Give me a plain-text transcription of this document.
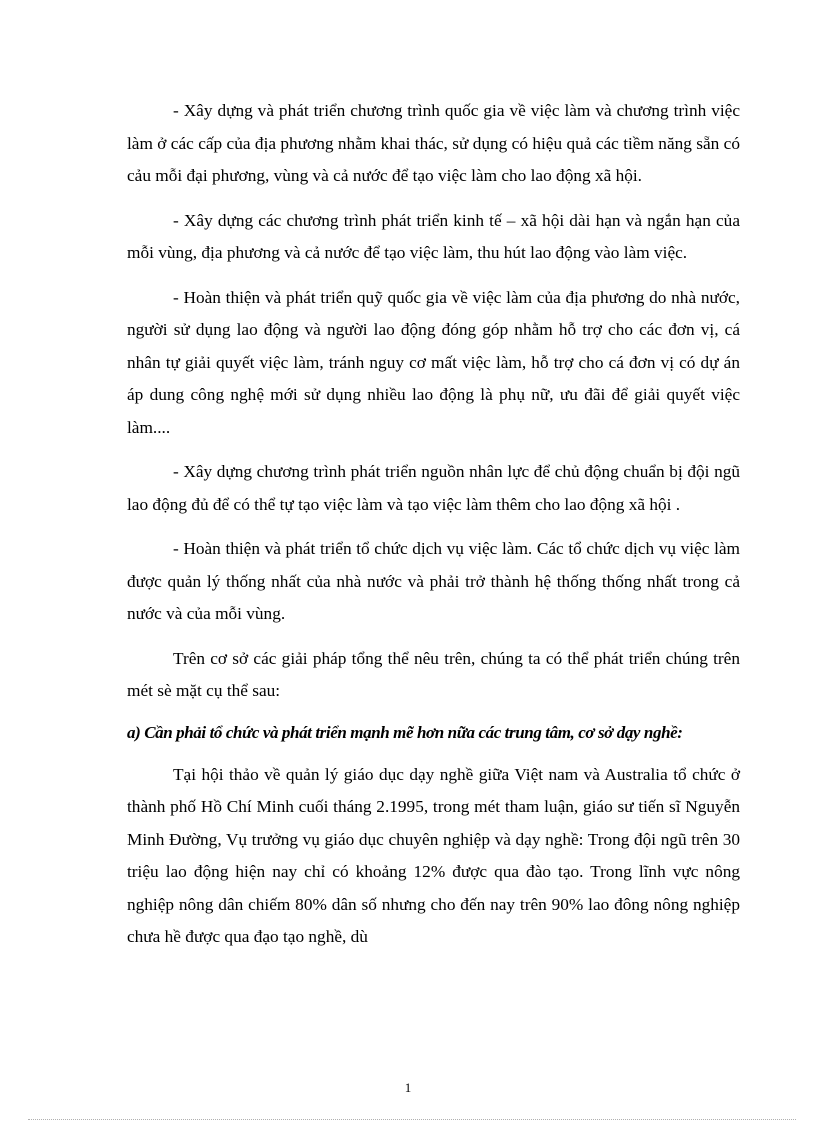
- Xây dựng và phát triển chương trình quốc gia về việc làm và chương trình việc làm ở các cấp của địa phương nhằm khai thác, sử dụng có hiệu quả các tiềm năng sẵn có cảu mỗi đại phương, vùng và cả nước để tạo việc làm cho lao động xã hội.

- Xây dựng các chương trình phát triển kinh tế – xã hội dài hạn và ngắn hạn của mỗi vùng, địa phương và cả nước để tạo việc làm, thu hút lao động vào làm việc.

- Hoàn thiện và phát triển quỹ quốc gia về việc làm của địa phương do nhà nước, người sử dụng lao động và người lao động đóng góp nhằm hỗ trợ cho các đơn vị, cá nhân tự giải quyết việc làm, tránh nguy cơ mất việc làm, hỗ trợ cho cá đơn vị có dự án áp dung công nghệ mới sử dụng nhiều lao động là phụ nữ, ưu đãi để giải quyết việc làm....

- Xây dựng chương trình phát triển nguồn nhân lực để chủ động chuẩn bị đội ngũ lao động đủ để có thể tự tạo việc làm và tạo việc làm thêm cho lao động xã hội .

- Hoàn thiện và phát triển tổ chức dịch vụ việc làm. Các tổ chức dịch vụ việc làm được quản lý thống nhất của nhà nước và phải trở thành hệ thống thống nhất trong cả nước và của mỗi vùng.

Trên cơ sở các giải pháp tổng thể nêu trên, chúng ta có thể phát triển chúng trên mét sè mặt cụ thể sau:

a) Cần phải tổ chức và phát triển mạnh mẽ hơn nữa các trung tâm, cơ sở dạy nghề:

Tại hội thảo về quản lý giáo dục dạy nghề giữa Việt nam và Australia tổ chức ở thành phố Hồ Chí Minh cuối tháng 2.1995, trong mét tham luận, giáo sư tiến sĩ Nguyễn Minh Đường, Vụ trưởng vụ giáo dục chuyên nghiệp và dạy nghề: Trong đội ngũ trên 30 triệu lao động hiện nay chỉ có khoảng 12% được qua đào tạo. Trong lĩnh vực nông nghiệp nông dân chiếm 80% dân số nhưng cho đến nay trên 90% lao đông nông nghiệp chưa hề được qua đạo tạo nghề, dù

1
